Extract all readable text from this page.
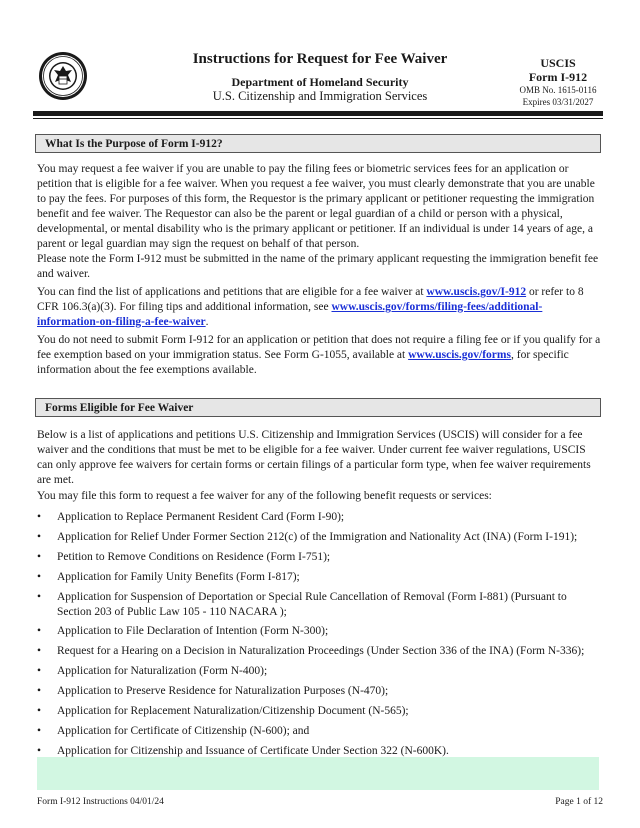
Instructions for Request for Fee Waiver
Department of Homeland Security
U.S. Citizenship and Immigration Services
USCIS
Form I-912
OMB No. 1615-0116
Expires 03/31/2027
What Is the Purpose of Form I-912?

You may request a fee waiver if you are unable to pay the filing fees or biometric services fees for an application or petition that is eligible for a fee waiver. When you request a fee waiver, you must clearly demonstrate that you are unable to pay the fees. For purposes of this form, the Requestor is the primary applicant or petitioner requesting the immigration benefit and fee waiver. The Requestor can also be the parent or legal guardian of a child or person with a physical, developmental, or mental disability who is the primary applicant or petitioner. If an individual is under 14 years of age, a parent or legal guardian may sign the request on behalf of that person.

Please note the Form I-912 must be submitted in the name of the primary applicant requesting the immigration benefit fee and waiver.

You can find the list of applications and petitions that are eligible for a fee waiver at www.uscis.gov/I-912 or refer to 8 CFR 106.3(a)(3). For filing tips and additional information, see www.uscis.gov/forms/filing-fees/additional-information-on-filing-a-fee-waiver.

You do not need to submit Form I-912 for an application or petition that does not require a filing fee or if you qualify for a fee exemption based on your immigration status. See Form G-1055, available at www.uscis.gov/forms, for specific information about the fee exemptions available.

Forms Eligible for Fee Waiver

Below is a list of applications and petitions U.S. Citizenship and Immigration Services (USCIS) will consider for a fee waiver and the conditions that must be met to be eligible for a fee waiver. Under current fee waiver regulations, USCIS can only approve fee waivers for certain forms or certain filings of a particular form type, when fee waiver requirements are met.

You may file this form to request a fee waiver for any of the following benefit requests or services:

•	Application to Replace Permanent Resident Card (Form I-90);
•	Application for Relief Under Former Section 212(c) of the Immigration and Nationality Act (INA) (Form I-191);
•	Petition to Remove Conditions on Residence (Form I-751);
•	Application for Family Unity Benefits (Form I-817);
•	Application for Suspension of Deportation or Special Rule Cancellation of Removal (Form I-881) (Pursuant to Section 203 of Public Law 105 - 110 NACARA );
•	Application to File Declaration of Intention (Form N-300);
•	Request for a Hearing on a Decision in Naturalization Proceedings (Under Section 336 of the INA) (Form N-336);
•	Application for Naturalization (Form N-400);
•	Application to Preserve Residence for Naturalization Purposes (N-470);
•	Application for Replacement Naturalization/Citizenship Document (N-565);
•	Application for Certificate of Citizenship (N-600); and
•	Application for Citizenship and Issuance of Certificate Under Section 322 (N-600K).
Form I-912 Instructions 04/01/24	Page 1 of 12
